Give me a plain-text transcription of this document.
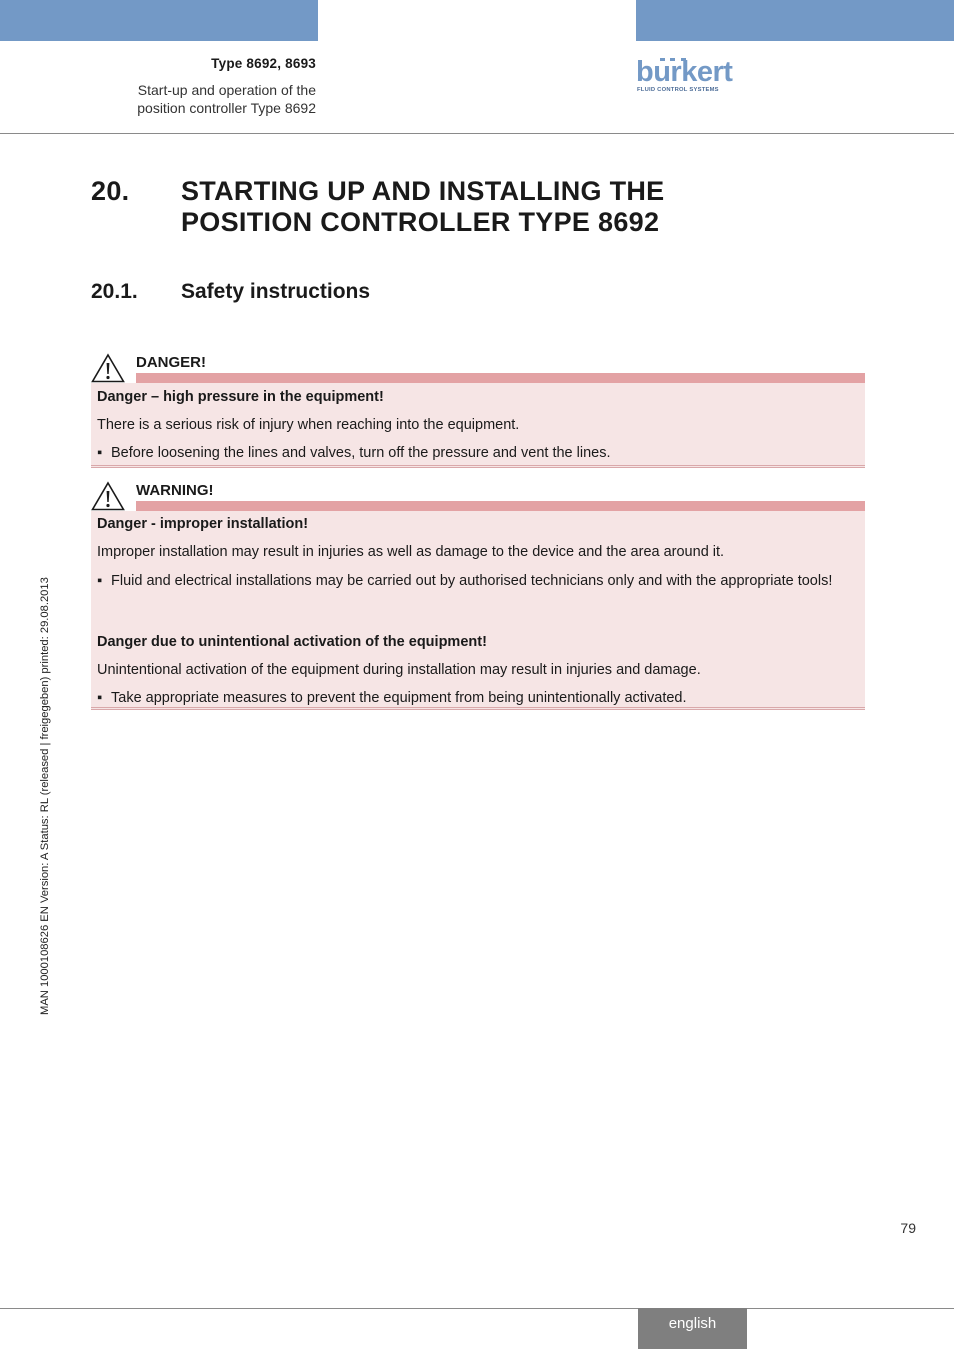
Type 8692, 8693
Start-up and operation of the
position controller Type 8692
burkert
FLUID CONTROL SYSTEMS
20. STARTING UP AND INSTALLING THE
POSITION CONTROLLER TYPE 8692
20.1. Safety instructions
DANGER!
Danger – high pressure in the equipment!
There is a serious risk of injury when reaching into the equipment.
▪ Before loosening the lines and valves, turn off the pressure and vent the lines.
WARNING!
Danger - improper installation!
Improper installation may result in injuries as well as damage to the device and the area around it.
▪ Fluid and electrical installations may be carried out by authorised technicians only and with the appropriate tools!
Danger due to unintentional activation of the equipment!
Unintentional activation of the equipment during installation may result in injuries and damage.
▪ Take appropriate measures to prevent the equipment from being unintentionally activated.
MAN 1000108626 EN Version: A Status: RL (released | freigegeben) printed: 29.08.2013
79
english
